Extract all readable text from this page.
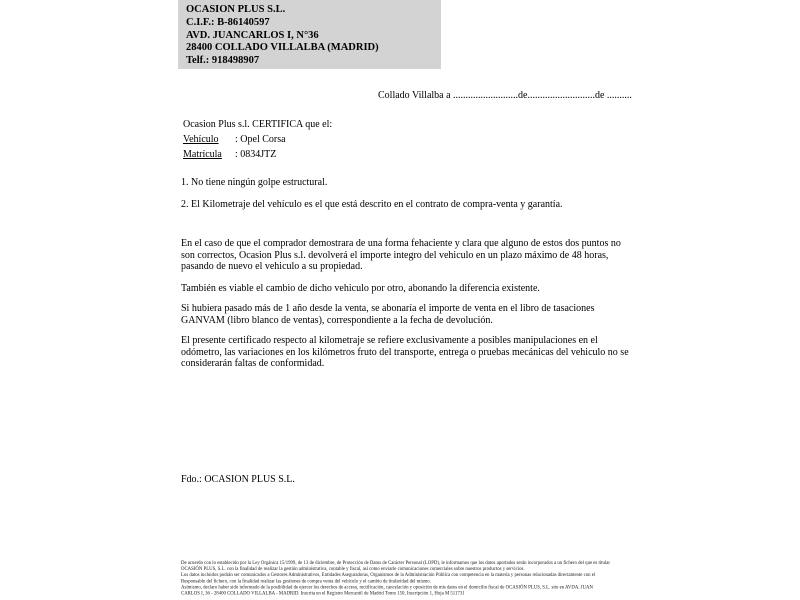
OCASION PLUS S.L.
C.I.F.: B-86140597
AVD. JUANCARLOS I, N°36
28400 COLLADO VILLALBA (MADRID)
Telf.: 918498907
Collado Villalba a ..........................de...........................de ..........
Ocasion Plus s.l. CERTIFICA que el:
Vehículo : Opel Corsa
Matrícula : 0834JTZ
1. No tiene ningún golpe estructural.
2. El Kilometraje del vehículo es el que está descrito en el contrato de compra-venta y garantía.
En el caso de que el comprador demostrara de una forma fehaciente y clara que alguno de estos dos puntos no son correctos, Ocasion Plus s.l. devolverá el importe integro del vehiculo en un plazo máximo de 48 horas, pasando de nuevo el vehiculo a su propiedad.
También es viable el cambio de dicho vehiculo por otro, abonando la diferencia existente.
Si hubiera pasado más de 1 año desde la venta, se abonaría el importe de venta en el libro de tasaciones GANVAM (libro blanco de ventas), correspondiente a la fecha de devolución.
El presente certificado respecto al kilometraje se refiere exclusivamente a posibles manipulaciones en el odómetro, las variaciones en los kilómetros fruto del transporte, entrega o pruebas mecánicas del vehiculo no se considerarán faltas de conformidad.
Fdo.: OCASION PLUS S.L.
De acuerdo con lo establecido por la Ley Orgánica 15/1999, de 13 de diciembre, de Protección de Datos de Carácter Personal (LOPD), le informamos que los datos aportados serán incorporados a un fichero del que es titular
OCASIÓN PLUS, S.L. con la finalidad de realizar la gestión administrativa, contable y fiscal, así como enviarle comunicaciones comerciales sobre nuestros productos y servicios.
Los datos incluidos podrán ser comunicados a Gestores Administrativos, Entidades Aseguradoras, Organismos de la Administración Pública con competencia en la materia y personas relacionadas directamente con el
Responsable del fichero, con la finalidad realizar las gestiones de compra venta del vehículo y el cambio de titularidad del mismo.
Asimismo, declaro haber sido informado de la posibilidad de ejercer los derechos de acceso, rectificación, cancelación y oposición de mis datos en el domicilio fiscal de OCASIÓN PLUS, S.L. sito en AVDA. JUAN
CARLOS I, 36 - 28400 COLLADO VILLALBA - MADRID. Inscrita en el Registro Mercantil de Madrid Tomo 150, Inscripción 1, Hoja M 511731
